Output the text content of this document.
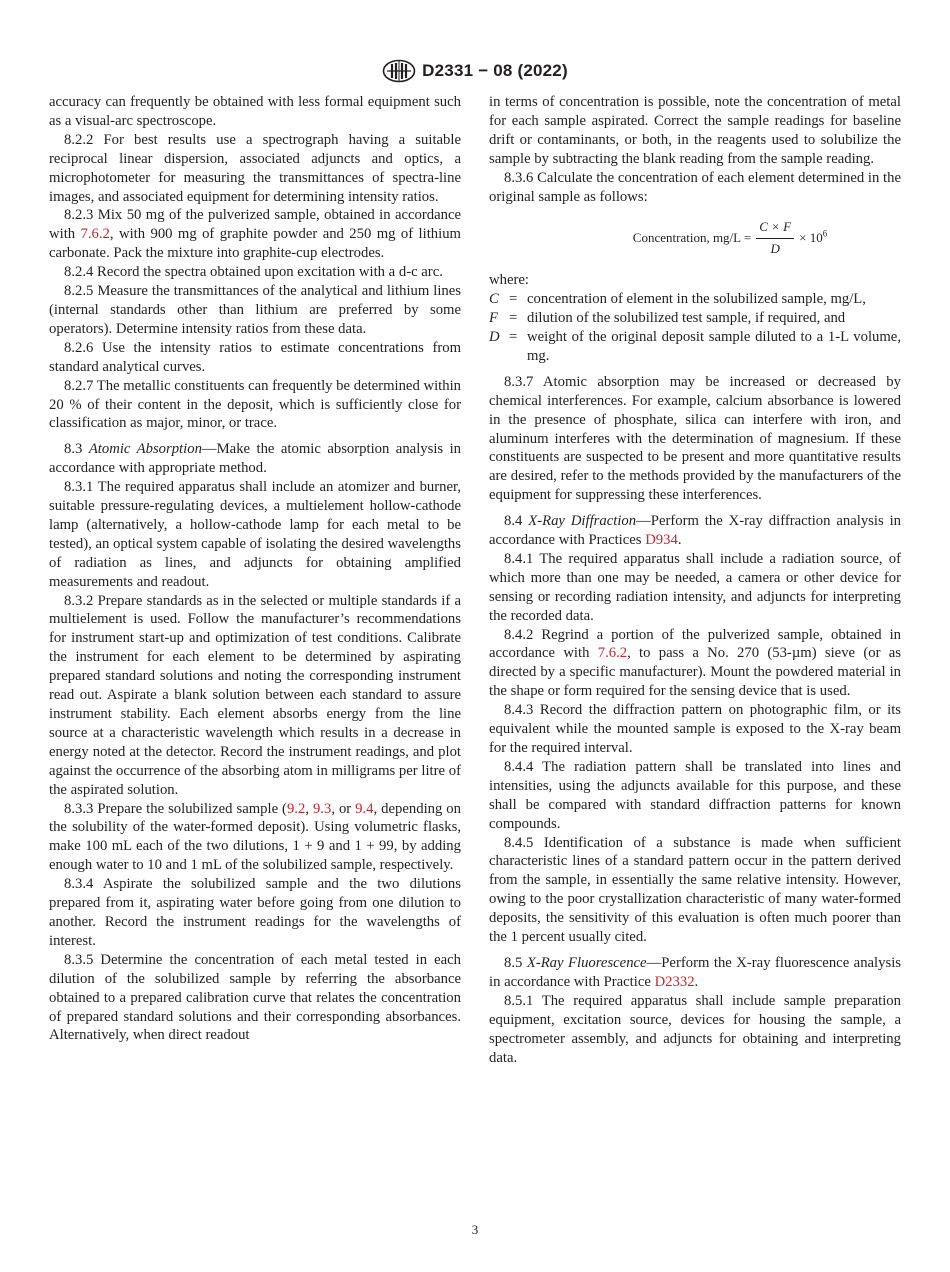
D2331 − 08 (2022)

accuracy can frequently be obtained with less formal equipment such as a visual-arc spectroscope.

8.2.2 For best results use a spectrograph having a suitable reciprocal linear dispersion, associated adjuncts and optics, a microphotometer for measuring the transmittances of spectra-line images, and associated equipment for determining intensity ratios.

8.2.3 Mix 50 mg of the pulverized sample, obtained in accordance with 7.6.2, with 900 mg of graphite powder and 250 mg of lithium carbonate. Pack the mixture into graphite-cup electrodes.

8.2.4 Record the spectra obtained upon excitation with a d-c arc.

8.2.5 Measure the transmittances of the analytical and lithium lines (internal standards other than lithium are preferred by some operators). Determine intensity ratios from these data.

8.2.6 Use the intensity ratios to estimate concentrations from standard analytical curves.

8.2.7 The metallic constituents can frequently be determined within 20 % of their content in the deposit, which is sufficiently close for classification as major, minor, or trace.

8.3 Atomic Absorption—Make the atomic absorption analysis in accordance with appropriate method.

8.3.1 The required apparatus shall include an atomizer and burner, suitable pressure-regulating devices, a multielement hollow-cathode lamp (alternatively, a hollow-cathode lamp for each metal to be tested), an optical system capable of isolating the desired wavelengths of radiation as lines, and adjuncts for obtaining amplified measurements and readout.

8.3.2 Prepare standards as in the selected or multiple standards if a multielement is used. Follow the manufacturer’s recommendations for instrument start-up and optimization of test conditions. Calibrate the instrument for each element to be determined by aspirating prepared standard solutions and noting the corresponding instrument read out. Aspirate a blank solution between each standard to assure instrument stability. Each element absorbs energy from the line source at a characteristic wavelength which results in a decrease in energy noted at the detector. Record the instrument readings, and plot against the occurrence of the absorbing atom in milligrams per litre of the aspirated solution.

8.3.3 Prepare the solubilized sample (9.2, 9.3, or 9.4, depending on the solubility of the water-formed deposit). Using volumetric flasks, make 100 mL each of the two dilutions, 1 + 9 and 1 + 99, by adding enough water to 10 and 1 mL of the solubilized sample, respectively.

8.3.4 Aspirate the solubilized sample and the two dilutions prepared from it, aspirating water before going from one dilution to another. Record the instrument readings for the wavelengths of interest.

8.3.5 Determine the concentration of each metal tested in each dilution of the solubilized sample by referring the absorbance obtained to a prepared calibration curve that relates the concentration of prepared standard solutions and their corresponding absorbances. Alternatively, when direct readout

in terms of concentration is possible, note the concentration of metal for each sample aspirated. Correct the sample readings for baseline drift or contaminants, or both, in the reagents used to solubilize the sample by subtracting the blank reading from the sample reading.

8.3.6 Calculate the concentration of each element determined in the original sample as follows:

Concentration, $mg/L = \frac{C \times F}{D} \times 10^6$

where:

C = concentration of element in the solubilized sample, mg/L,
F = dilution of the solubilized test sample, if required, and
D = weight of the original deposit sample diluted to a 1-L volume, mg.

8.3.7 Atomic absorption may be increased or decreased by chemical interferences. For example, calcium absorbance is lowered in the presence of phosphate, silica can interfere with iron, and aluminum interferes with the determination of magnesium. If these constituents are suspected to be present and more quantitative results are desired, refer to the methods provided by the manufacturers of the equipment for suppressing these interferences.

8.4 X-Ray Diffraction—Perform the X-ray diffraction analysis in accordance with Practices D934.

8.4.1 The required apparatus shall include a radiation source, of which more than one may be needed, a camera or other device for sensing or recording radiation intensity, and adjuncts for interpreting the recorded data.

8.4.2 Regrind a portion of the pulverized sample, obtained in accordance with 7.6.2, to pass a No. 270 (53-µm) sieve (or as directed by a specific manufacturer). Mount the powdered material in the shape or form required for the sensing device that is used.

8.4.3 Record the diffraction pattern on photographic film, or its equivalent while the mounted sample is exposed to the X-ray beam for the required interval.

8.4.4 The radiation pattern shall be translated into lines and intensities, using the adjuncts available for this purpose, and these shall be compared with standard diffraction patterns for known compounds.

8.4.5 Identification of a substance is made when sufficient characteristic lines of a standard pattern occur in the pattern derived from the sample, in essentially the same relative intensity. However, owing to the poor crystallization characteristic of many water-formed deposits, the sensitivity of this evaluation is often much poorer than the 1 percent usually cited.

8.5 X-Ray Fluorescence—Perform the X-ray fluorescence analysis in accordance with Practice D2332.

8.5.1 The required apparatus shall include sample preparation equipment, excitation source, devices for housing the sample, a spectrometer assembly, and adjuncts for obtaining and interpreting data.

3
